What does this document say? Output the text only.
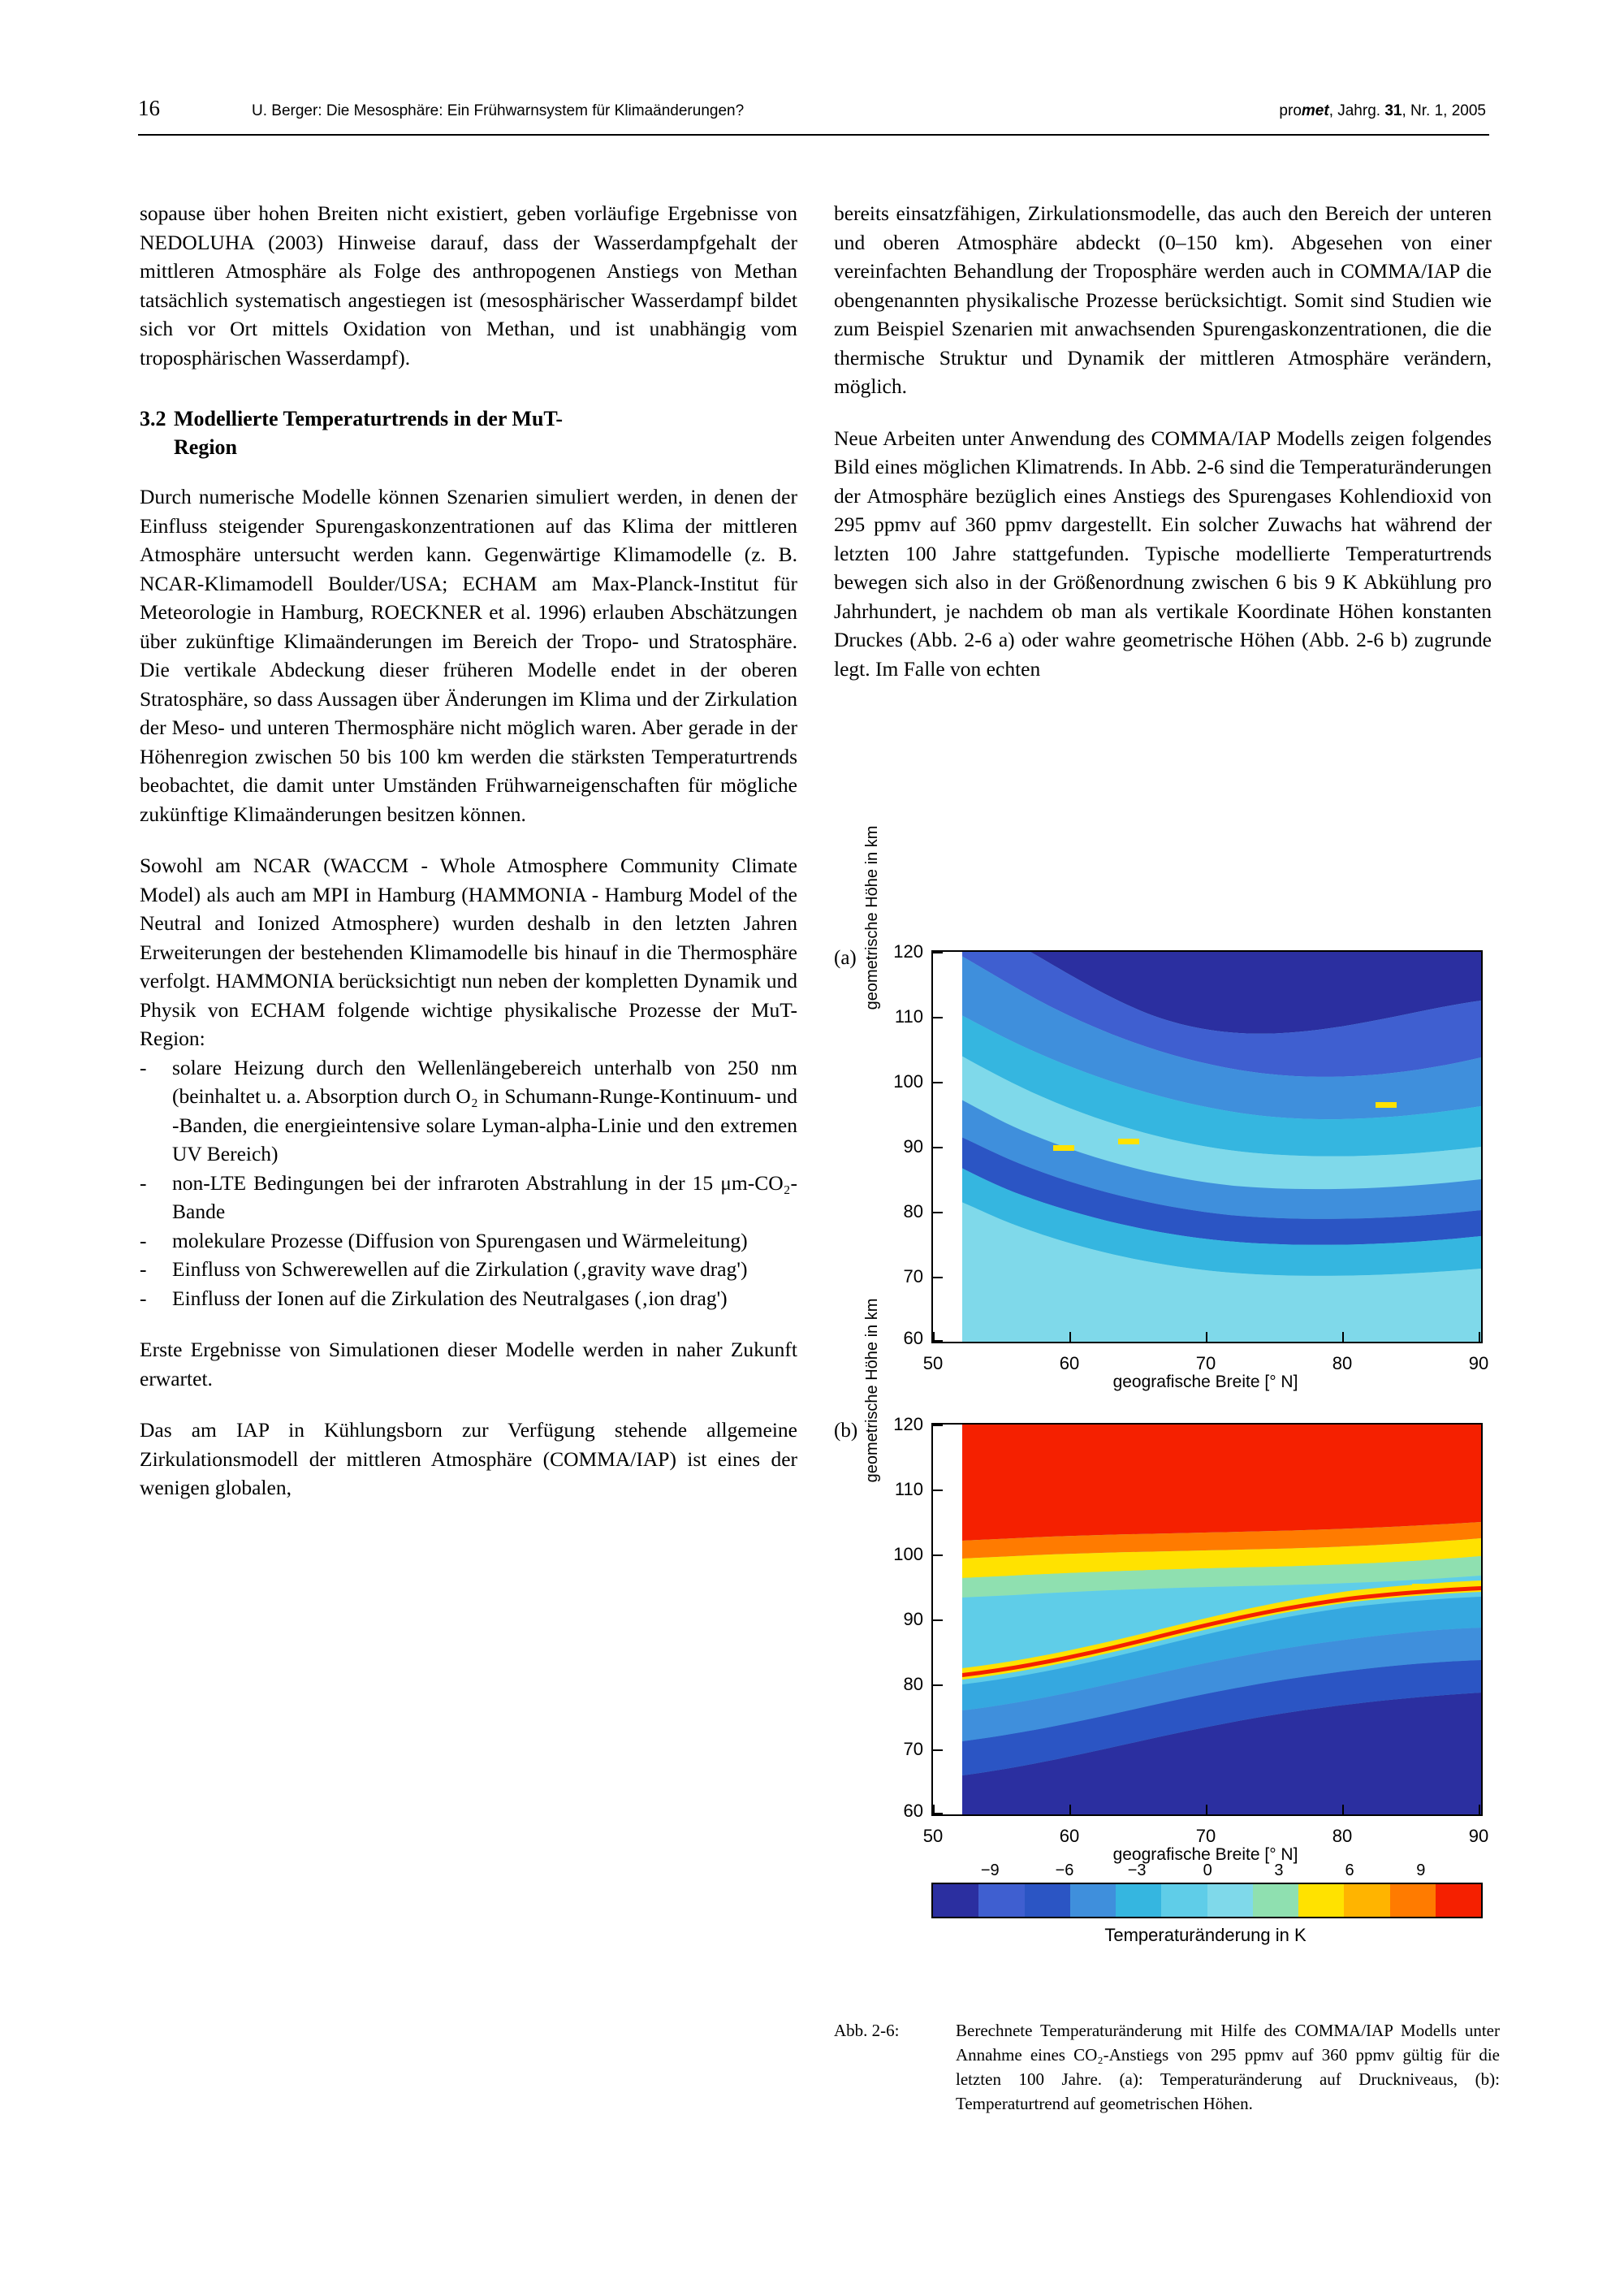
16	U. Berger: Die Mesosphäre: Ein Frühwarnsystem für Klimaänderungen?	promet, Jahrg. 31, Nr. 1, 2005

sopause über hohen Breiten nicht existiert, geben vorläufige Ergebnisse von NEDOLUHA (2003) Hinweise darauf, dass der Wasserdampfgehalt der mittleren Atmosphäre als Folge des anthropogenen Anstiegs von Methan tatsächlich systematisch angestiegen ist (mesosphärischer Wasserdampf bildet sich vor Ort mittels Oxidation von Methan, und ist unabhängig vom troposphärischen Wasserdampf).

3.2 Modellierte Temperaturtrends in der MuT-
Region

Durch numerische Modelle können Szenarien simuliert werden, in denen der Einfluss steigender Spurengaskonzentrationen auf das Klima der mittleren Atmosphäre untersucht werden kann. Gegenwärtige Klimamodelle (z. B. NCAR-Klimamodell Boulder/USA; ECHAM am Max-Planck-Institut für Meteorologie in Hamburg, ROECKNER et al. 1996) erlauben Abschätzungen über zukünftige Klimaänderungen im Bereich der Tropo- und Stratosphäre. Die vertikale Abdeckung dieser früheren Modelle endet in der oberen Stratosphäre, so dass Aussagen über Änderungen im Klima und der Zirkulation der Meso- und unteren Thermosphäre nicht möglich waren. Aber gerade in der Höhenregion zwischen 50 bis 100 km werden die stärksten Temperaturtrends beobachtet, die damit unter Umständen Frühwarneigenschaften für mögliche zukünftige Klimaänderungen besitzen können.

Sowohl am NCAR (WACCM - Whole Atmosphere Community Climate Model) als auch am MPI in Hamburg (HAMMONIA - Hamburg Model of the Neutral and Ionized Atmosphere) wurden deshalb in den letzten Jahren Erweiterungen der bestehenden Klimamodelle bis hinauf in die Thermosphäre verfolgt. HAMMONIA berücksichtigt nun neben der kompletten Dynamik und Physik von ECHAM folgende wichtige physikalische Prozesse der MuT-Region:

- solare Heizung durch den Wellenlängebereich unterhalb von 250 nm (beinhaltet u. a. Absorption durch O₂ in Schumann-Runge-Kontinuum- und -Banden, die energieintensive solare Lyman-alpha-Linie und den extremen UV Bereich)
- non-LTE Bedingungen bei der infraroten Abstrahlung in der 15 μm-CO₂-Bande
- molekulare Prozesse (Diffusion von Spurengasen und Wärmeleitung)
- Einfluss von Schwerewellen auf die Zirkulation (‚gravity wave drag')
- Einfluss der Ionen auf die Zirkulation des Neutralgases (‚ion drag')

Erste Ergebnisse von Simulationen dieser Modelle werden in naher Zukunft erwartet.

Das am IAP in Kühlungsborn zur Verfügung stehende allgemeine Zirkulationsmodell der mittleren Atmosphäre (COMMA/IAP) ist eines der wenigen globalen,

bereits einsatzfähigen, Zirkulationsmodelle, das auch den Bereich der unteren und oberen Atmosphäre abdeckt (0–150 km). Abgesehen von einer vereinfachten Behandlung der Troposphäre werden auch in COMMA/IAP die obengenannten physikalische Prozesse berücksichtigt. Somit sind Studien wie zum Beispiel Szenarien mit anwachsenden Spurengaskonzentrationen, die die thermische Struktur und Dynamik der mittleren Atmosphäre verändern, möglich.

Neue Arbeiten unter Anwendung des COMMA/IAP Modells zeigen folgendes Bild eines möglichen Klimatrends. In Abb. 2-6 sind die Temperaturänderungen der Atmosphäre bezüglich eines Anstiegs des Spurengases Kohlendioxid von 295 ppmv auf 360 ppmv dargestellt. Ein solcher Zuwachs hat während der letzten 100 Jahre stattgefunden. Typische modellierte Temperaturtrends bewegen sich also in der Größenordnung zwischen 6 bis 9 K Abkühlung pro Jahrhundert, je nachdem ob man als vertikale Koordinate Höhen konstanten Druckes (Abb. 2-6 a) oder wahre geometrische Höhen (Abb. 2-6 b) zugrunde legt. Im Falle von echten

(a) geometrische Höhe in km 120
110
100
90
80
70
60
50	60	70	80	90
geografische Breite [° N]
(b) geometrische Höhe in km 120
110
100
90
80
70
60
50	60	70	80	90
geografische Breite [° N]
−9	−6	−3	0	3	6	9
Temperaturänderung in K
Abb. 2-6:	Berechnete Temperaturänderung mit Hilfe des COMMA/IAP Modells unter Annahme eines CO₂-Anstiegs von 295 ppmv auf 360 ppmv gültig für die letzten 100 Jahre. (a): Temperaturänderung auf Druckniveaus, (b): Temperaturtrend auf geometrischen Höhen.
